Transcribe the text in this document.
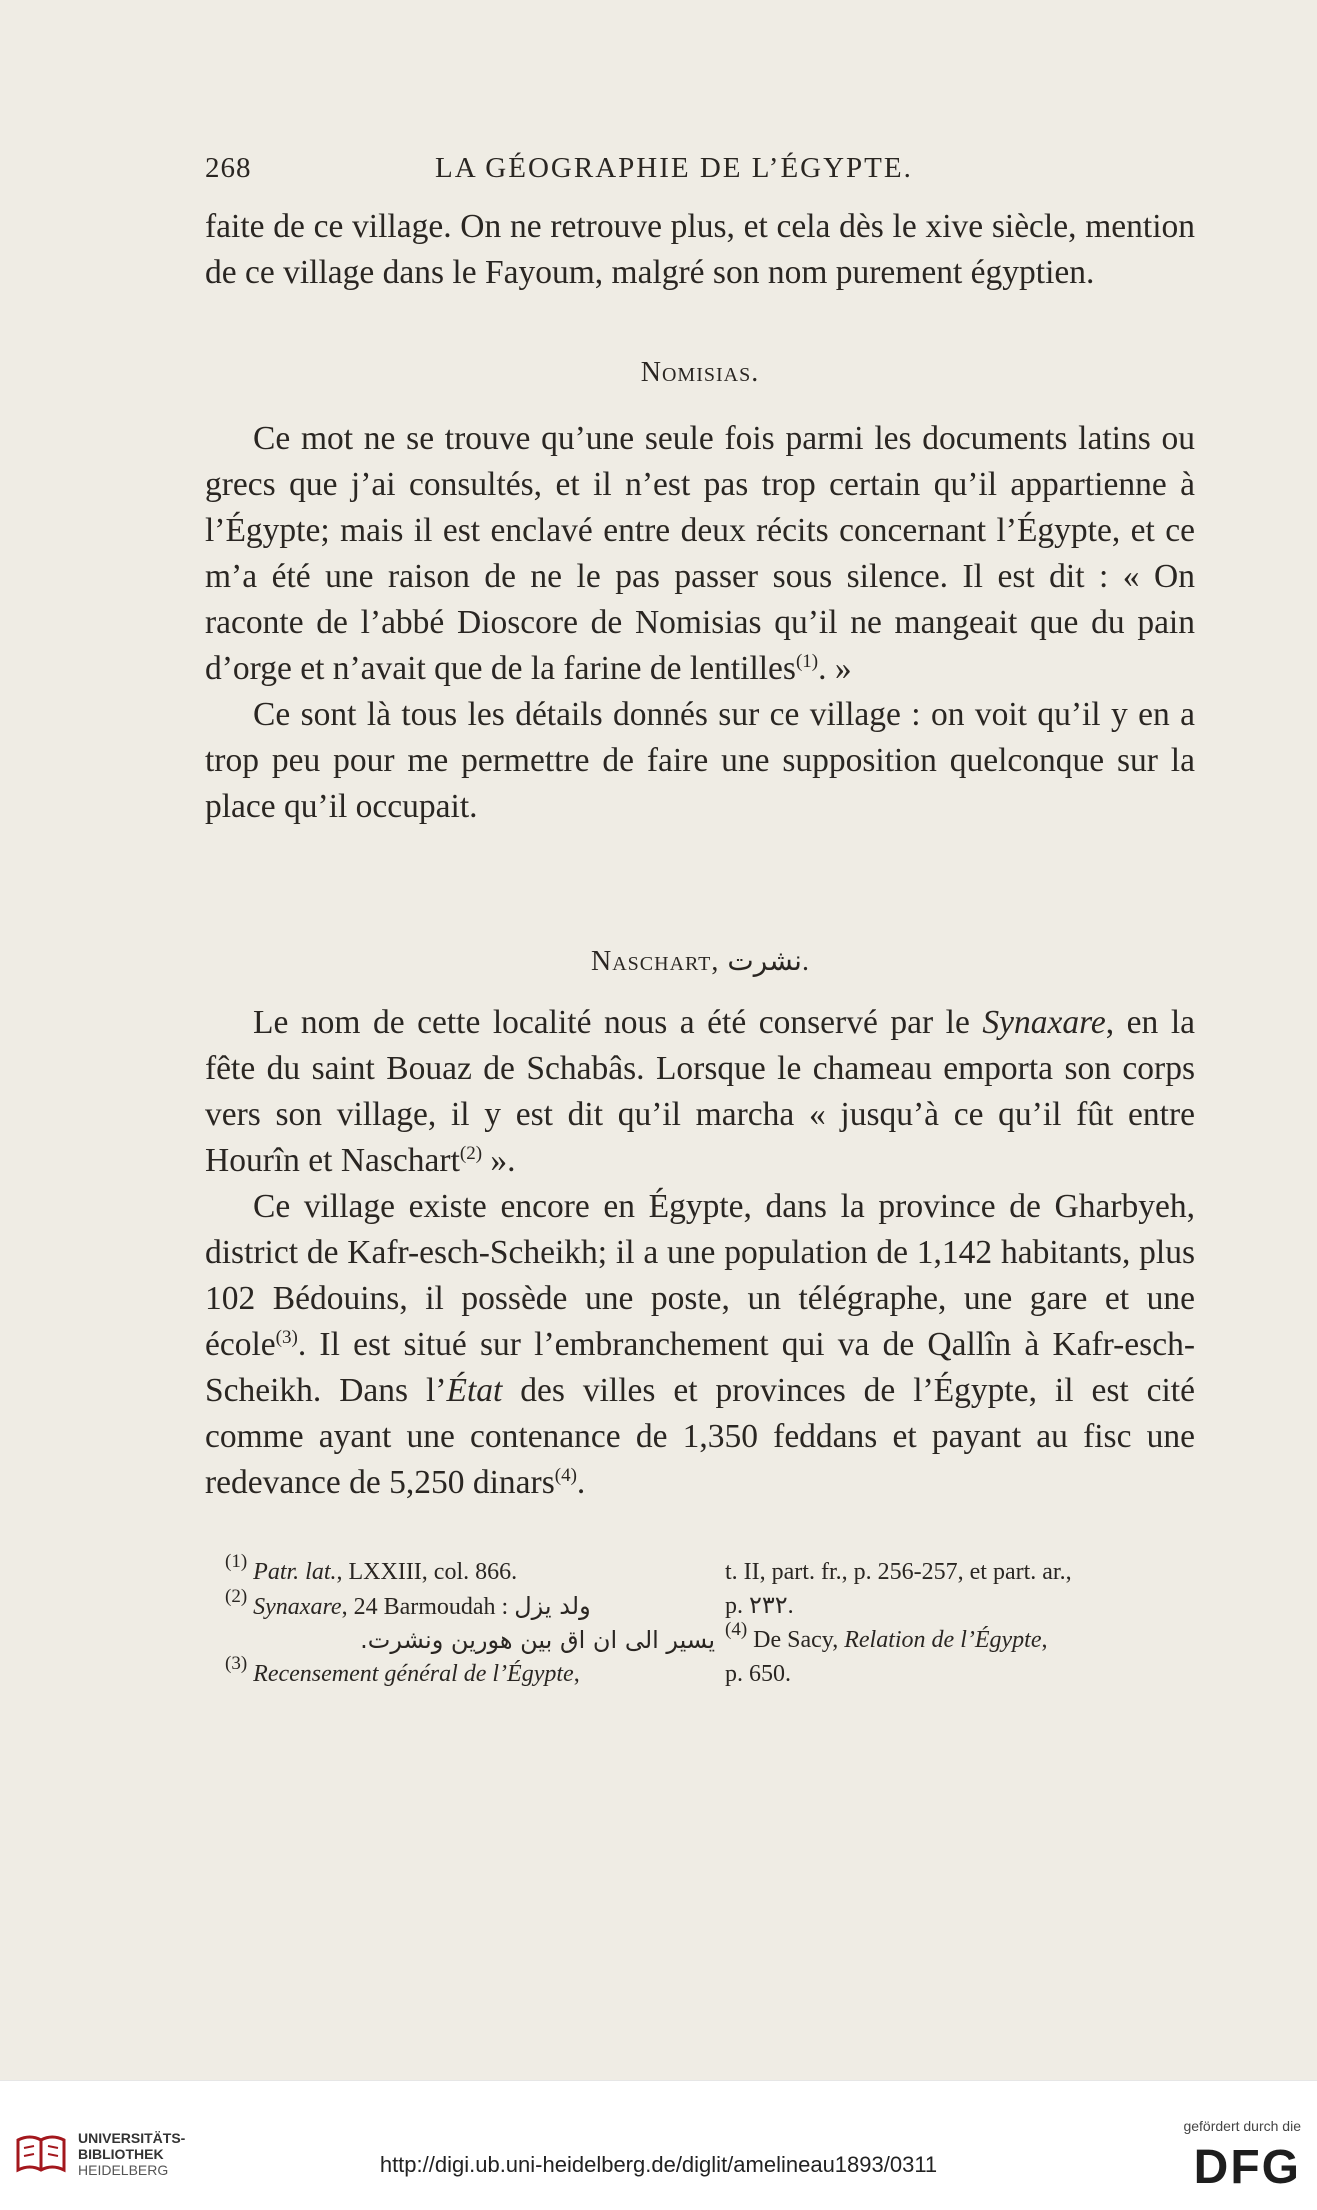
268	LA GÉOGRAPHIE DE L’ÉGYPTE.

faite de ce village. On ne retrouve plus, et cela dès le xive siècle, mention de ce village dans le Fayoum, malgré son nom purement égyptien.

Nomisias.

Ce mot ne se trouve qu’une seule fois parmi les documents latins ou grecs que j’ai consultés, et il n’est pas trop certain qu’il appartienne à l’Égypte; mais il est enclavé entre deux récits concernant l’Égypte, et ce m’a été une raison de ne le pas passer sous silence. Il est dit : « On raconte de l’abbé Dioscore de Nomisias qu’il ne mangeait que du pain d’orge et n’avait que de la farine de lentilles$^{(1)}$. »

Ce sont là tous les détails donnés sur ce village : on voit qu’il y en a trop peu pour me permettre de faire une supposition quelconque sur la place qu’il occupait.

Naschart, نشرت.

Le nom de cette localité nous a été conservé par le Synaxare, en la fête du saint Bouaz de Schabâs. Lorsque le chameau emporta son corps vers son village, il y est dit qu’il marcha « jusqu’à ce qu’il fût entre Hourîn et Naschart$^{(2)}$ ».

Ce village existe encore en Égypte, dans la province de Gharbyeh, district de Kafr-esch-Scheikh; il a une population de 1,142 habitants, plus 102 Bédouins, il possède une poste, un télégraphe, une gare et une école$^{(3)}$. Il est situé sur l’embranchement qui va de Qallîn à Kafr-esch-Scheikh. Dans l’État des villes et provinces de l’Égypte, il est cité comme ayant une contenance de 1,350 feddans et payant au fisc une redevance de 5,250 dinars$^{(4)}$.

$^{(1)}$ Patr. lat., LXXIII, col. 866.	t. II, part. fr., p. 256-257, et part. ar.,
$^{(2)}$ Synaxare, 24 Barmoudah : ولد يزل	p. ٢٣٢.
يسير الى ان اق بين هورين ونشرت. $^{(4)}$ De Sacy, Relation de l’Égypte,
$^{(3)}$ Recensement général de l’Égypte,	p. 650.
UNIVERSITÄTS-
BIBLIOTHEK
HEIDELBERG	http://digi.ub.uni-heidelberg.de/diglit/amelineau1893/0311
gefördert durch die
DFG
